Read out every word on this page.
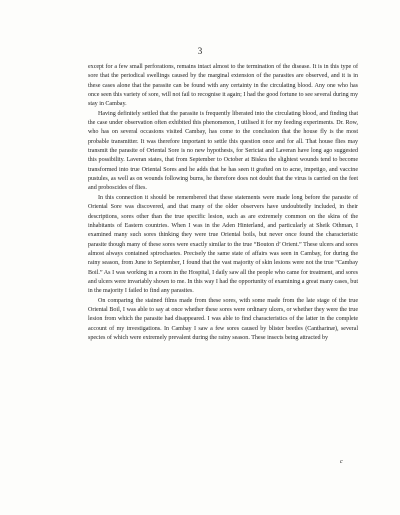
3

except for a few small perforations, remains intact almost to the termination of the disease. It is in this type of sore that the periodical swellings caused by the marginal extension of the parasites are observed, and it is in these cases alone that the parasite can be found with any certainty in the circulating blood. Any one who has once seen this variety of sore, will not fail to recognise it again; I had the good fortune to see several during my stay in Cambay.

Having definitely settled that the parasite is frequently liberated into the circulating blood, and finding that the case under observation often exhibited this phenomenon, I utilised it for my feeding experiments. Dr. Row, who has on several occasions visited Cambay, has come to the conclusion that the house fly is the most probable transmitter. It was therefore important to settle this question once and for all. That house flies may transmit the parasite of Oriental Sore is no new hypothesis, for Sericiat and Laveran have long ago suggested this possibility. Laveran states, that from September to October at Biskra the slightest wounds tend to become transformed into true Oriental Sores and he adds that he has seen it grafted on to acne, impetigo, and vaccine pustules, as well as on wounds following burns, he therefore does not doubt that the virus is carried on the feet and proboscides of flies.

In this connection it should be remembered that these statements were made long before the parasite of Oriental Sore was discovered, and that many of the older observers have undoubtedly included, in their descriptions, sores other than the true specific lesion, such as are extremely common on the skins of the inhabitants of Eastern countries. When I was in the Aden Hinterland, and particularly at Sheik Othman, I examined many such sores thinking they were true Oriental boils, but never once found the characteristic parasite though many of these sores were exactly similar to the true “Bouton d’ Orient.” These ulcers and sores almost always contained spirochaetes. Precisely the same state of affairs was seen in Cambay, for during the rainy season, from June to September, I found that the vast majority of skin lesions were not the true “Cambay Boil.” As I was working in a room in the Hospital, I daily saw all the people who came for treatment, and sores and ulcers were invariably shown to me. In this way I had the opportunity of examining a great many cases, but in the majority I failed to find any parasites.

On comparing the stained films made from these sores, with some made from the late stage of the true Oriental Boil, I was able to say at once whether these sores were ordinary ulcers, or whether they were the true lesion from which the parasite had disappeared. I was able to find characteristics of the latter in the complete account of my investigations. In Cambay I saw a few sores caused by blister beetles (Cantharinæ), several species of which were extremely prevalent during the rainy season. These insects being attracted by

c
